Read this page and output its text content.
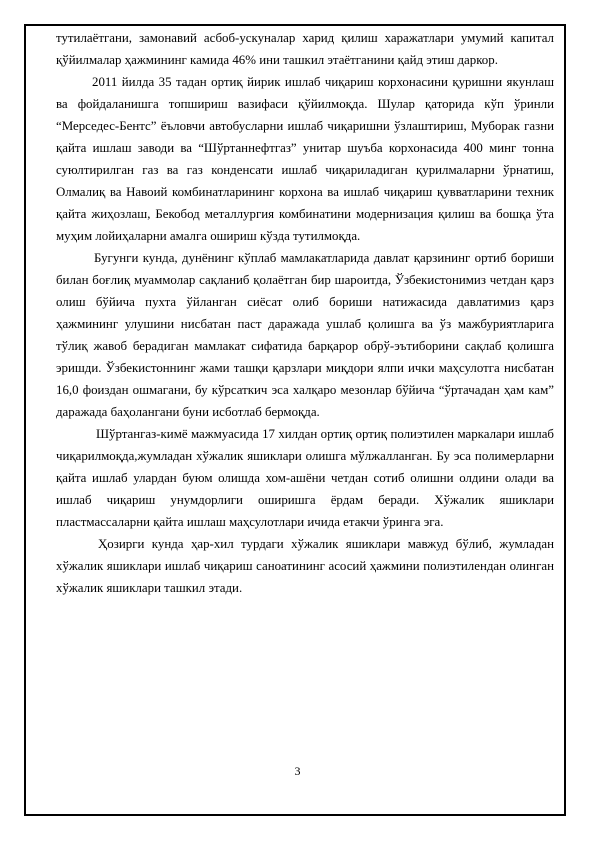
тутилаётгани, замонавий асбоб-ускуналар харид қилиш харажатлари умумий капитал қўйилмалар ҳажмининг камида 46% ини ташкил этаётганини қайд этиш даркор.

2011 йилда 35 тадан ортиқ йирик ишлаб чиқариш корхонасини қуришни якунлаш ва фойдаланишга топшириш вазифаси қўйилмоқда. Шулар қаторида кўп ўринли “Мерседес-Бентс” ёъловчи автобусларни ишлаб чиқаришни ўзлаштириш, Муборак газни қайта ишлаш заводи ва “Шўртаннефтгаз” унитар шуъба корхонасида 400 минг тонна суюлтирилган газ ва газ конденсати ишлаб чиқариладиган қурилмаларни ўрнатиш, Олмалиқ ва Навоий комбинатларининг корхона ва ишлаб чиқариш қувватларини техник қайта жиҳозлаш, Бекобод металлургия комбинатини модернизация қилиш ва бошқа ўта муҳим лойиҳаларни амалга ошириш кўзда тутилмоқда.

Бугунги кунда, дунёнинг кўплаб мамлакатларида давлат қарзининг ортиб бориши билан боғлиқ муаммолар сақланиб қолаётган бир шароитда, Ўзбекистонимиз четдан қарз олиш бўйича пухта ўйланган сиёсат олиб бориши натижасида давлатимиз қарз ҳажмининг улушини нисбатан паст даражада ушлаб қолишга ва ўз мажбуриятларига тўлиқ жавоб берадиган мамлакат сифатида барқарор обрў-эътиборини сақлаб қолишга эришди. Ўзбекистоннинг жами ташқи қарзлари миқдори ялпи ички маҳсулотга нисбатан 16,0 фоиздан ошмагани, бу кўрсаткич эса халқаро мезонлар бўйича “ўртачадан ҳам кам” даражада баҳолангани буни исботлаб бермоқда.

Шўртангаз-кимё мажмуасида 17 хилдан ортиқ ортиқ полиэтилен маркалари ишлаб чиқарилмоқда,жумладан хўжалик яшиклари олишга мўлжалланган. Бу эса полимерларни қайта ишлаб улардан буюм олишда хом-ашёни четдан сотиб олишни олдини олади ва ишлаб чиқариш унумдорлиги оширишга ёрдам беради. Хўжалик яшиклари пластмассаларни қайта ишлаш маҳсулотлари ичида етакчи ўринга эга.

Ҳозирги кунда ҳар-хил турдаги хўжалик яшиклари мавжуд бўлиб, жумладан хўжалик яшиклари ишлаб чиқариш саноатининг асосий ҳажмини полиэтилендан олинган хўжалик яшиклари ташкил этади.

3
